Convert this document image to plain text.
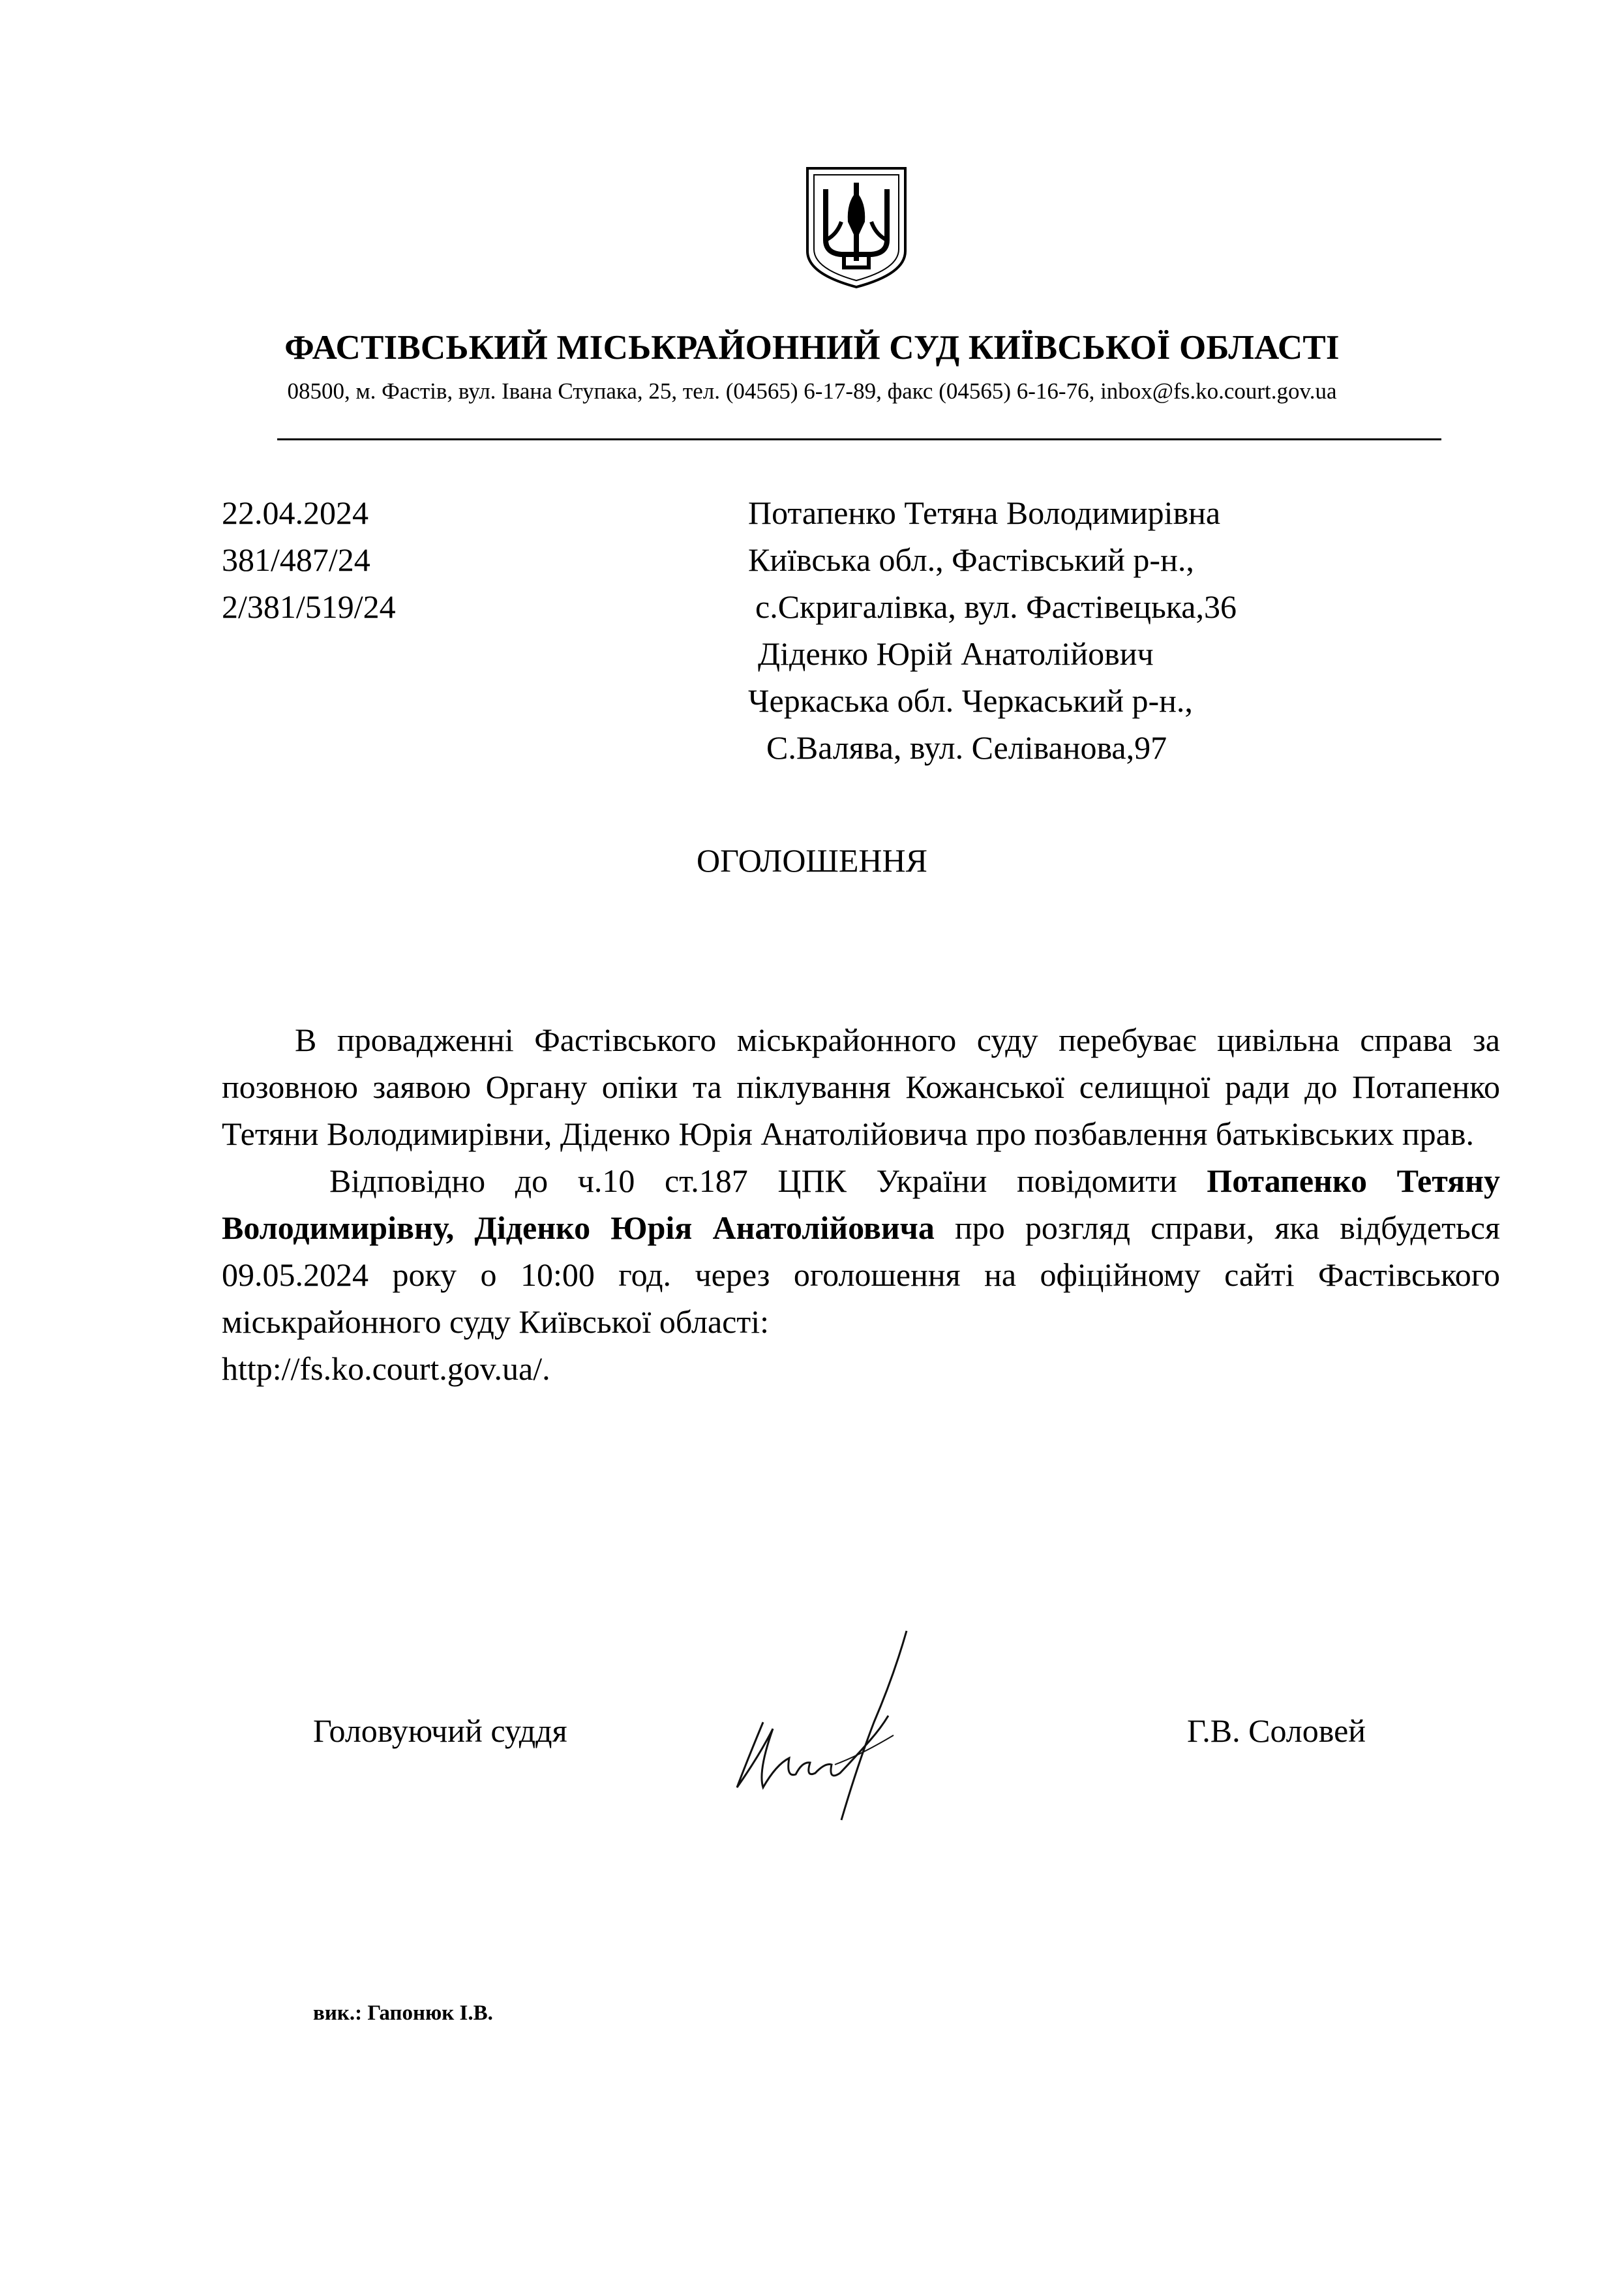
ФАСТІВСЬКИЙ МІСЬКРАЙОННИЙ СУД КИЇВСЬКОЇ ОБЛАСТІ
08500, м. Фастів, вул. Івана Ступака, 25, тел. (04565) 6-17-89, факс (04565) 6-16-76, inbox@fs.ko.court.gov.ua
22.04.2024
381/487/24
2/381/519/24
Потапенко Тетяна Володимирівна
Київська обл., Фастівський р-н.,
с.Скригалівка, вул. Фастівецька,36
Діденко Юрій Анатолійович
Черкаська обл. Черкаський р-н.,
С.Валява, вул. Селіванова,97
ОГОЛОШЕННЯ

В провадженні Фастівського міськрайонного суду перебуває цивільна справа за позовною заявою Органу опіки та піклування Кожанської селищної ради до Потапенко Тетяни Володимирівни, Діденко Юрія Анатолійовича про позбавлення батьківських прав.

Відповідно до ч.10 ст.187 ЦПК України повідомити Потапенко Тетяну Володимирівну, Діденко Юрія Анатолійовича про розгляд справи, яка відбудеться 09.05.2024 року о 10:00 год. через оголошення на офіційному сайті Фастівського міськрайонного суду Київської області:

http://fs.ko.court.gov.ua/.
Головуючий суддя	Г.В. Соловей
вик.: Гапонюк І.В.
